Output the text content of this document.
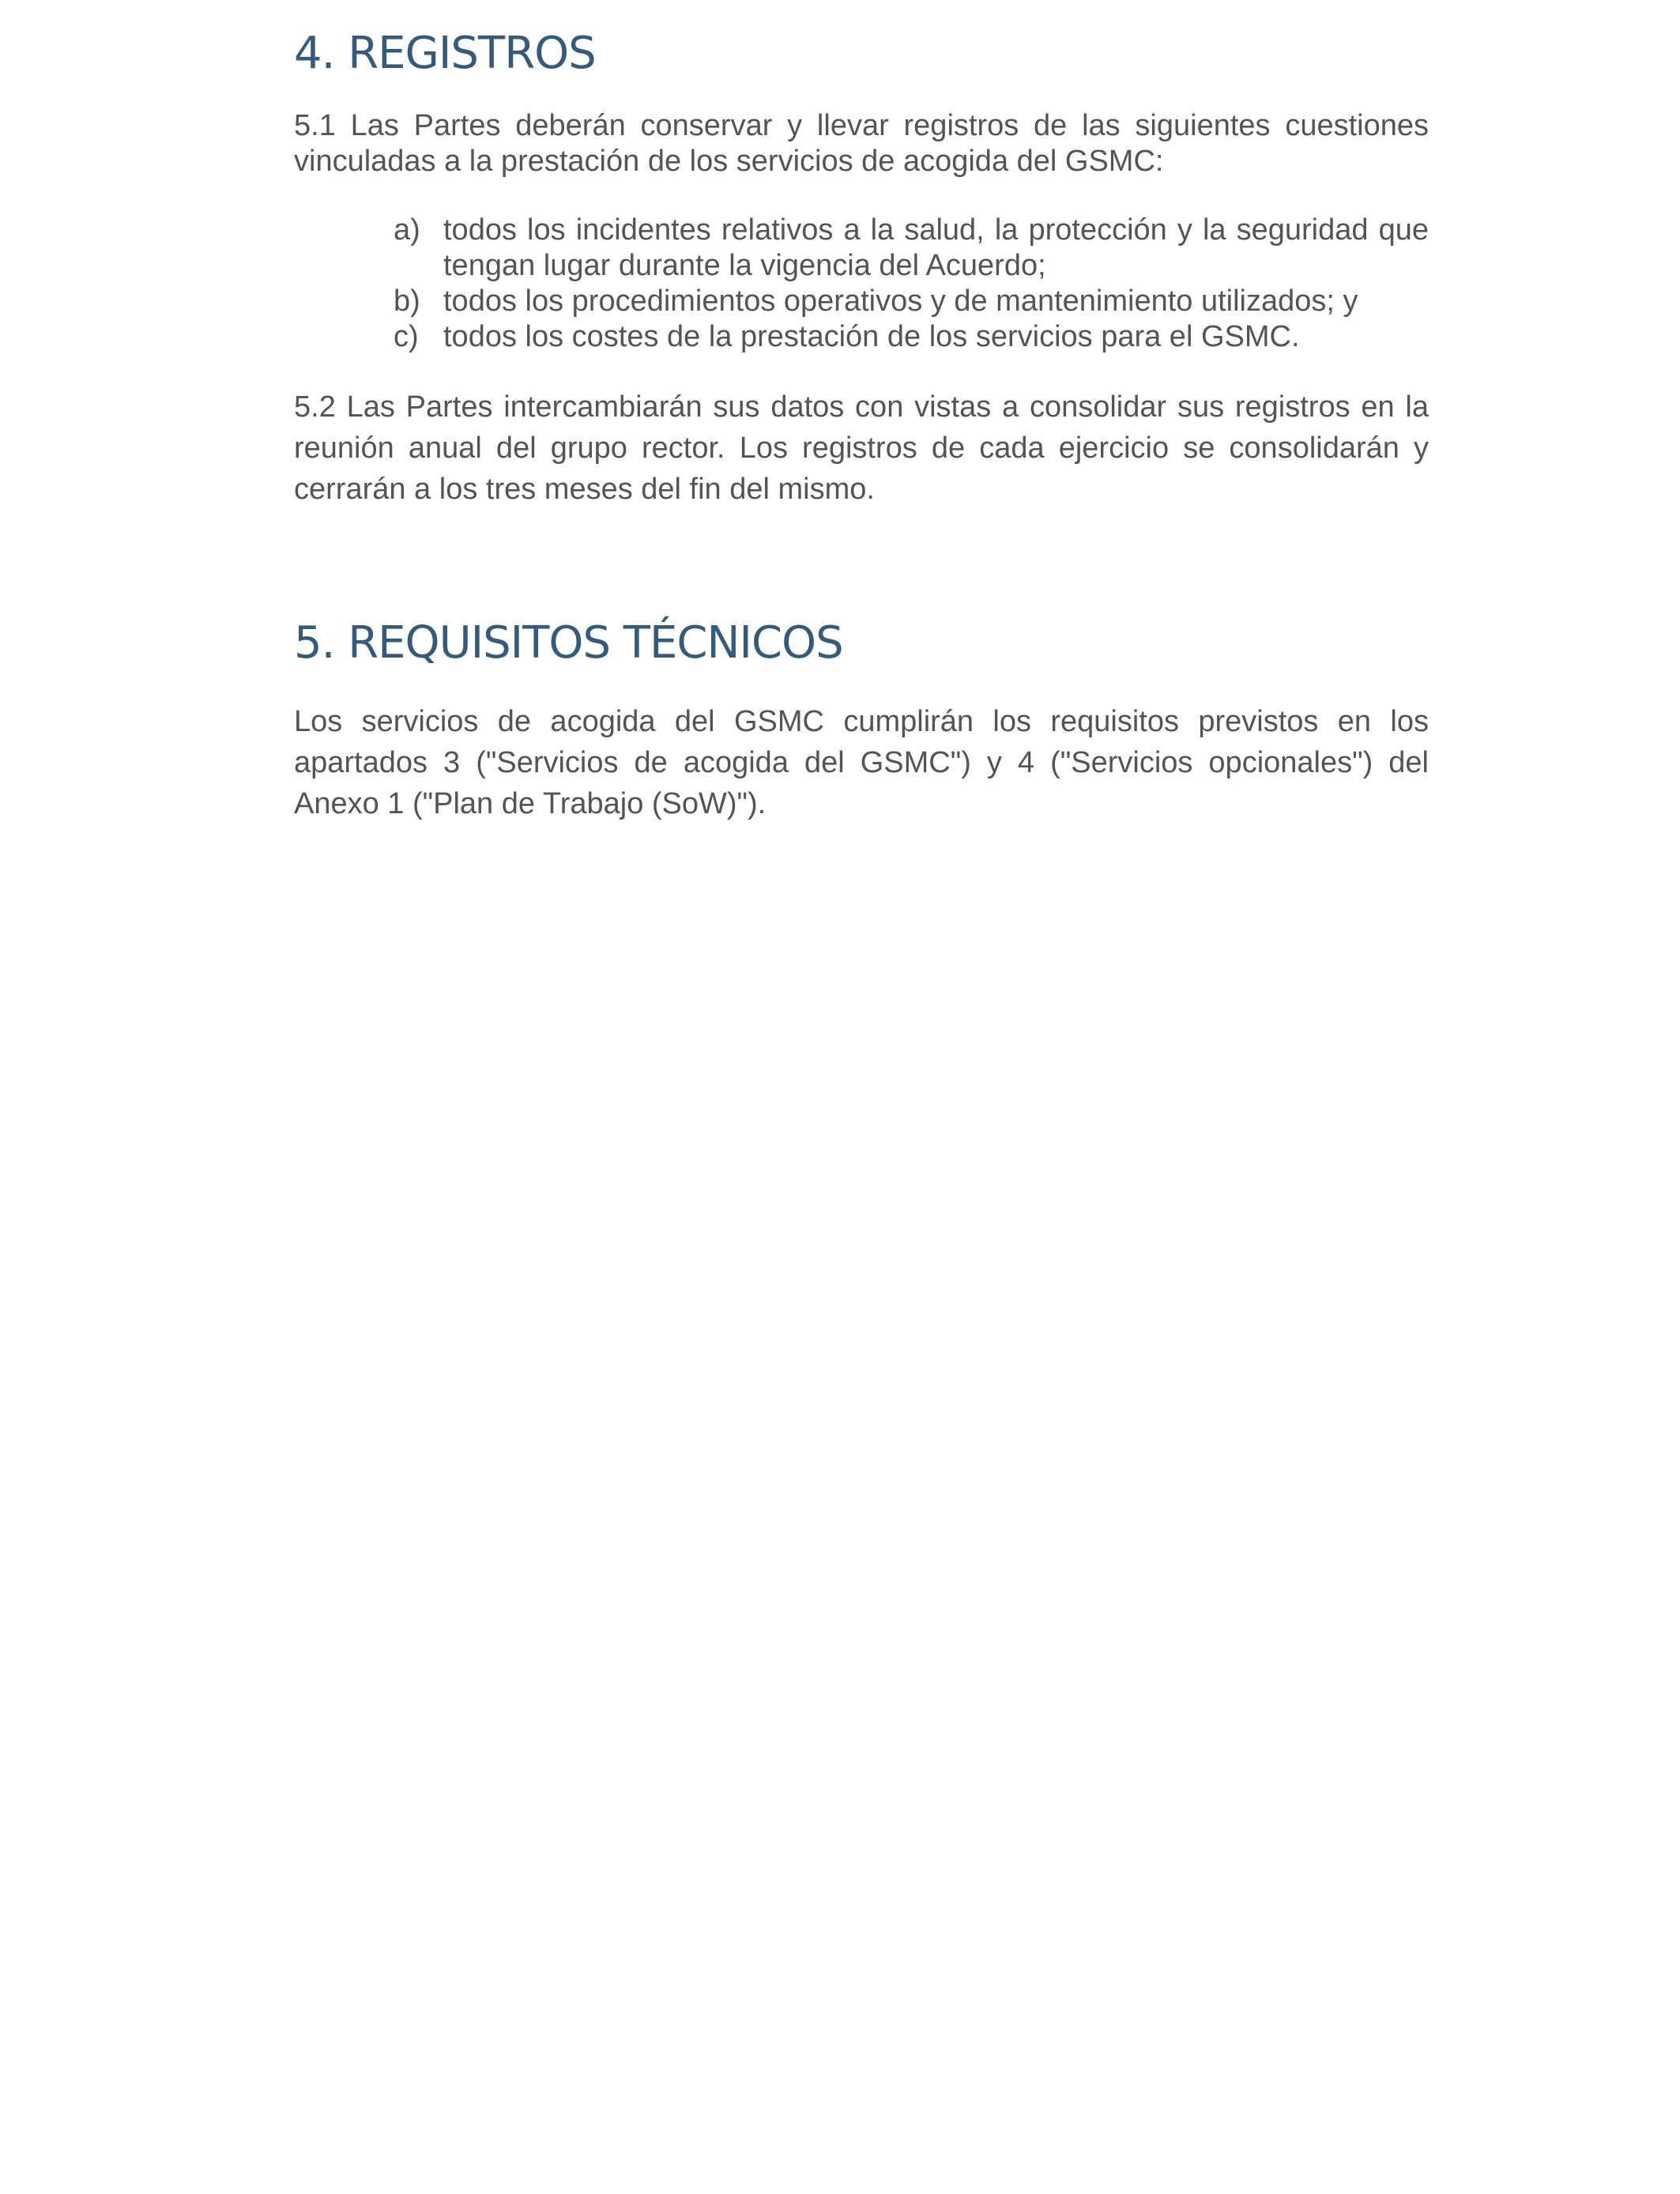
4. REGISTROS

5.1 Las Partes deberán conservar y llevar registros de las siguientes cuestiones vinculadas a la prestación de los servicios de acogida del GSMC:

a) todos los incidentes relativos a la salud, la protección y la seguridad que tengan lugar durante la vigencia del Acuerdo;
b) todos los procedimientos operativos y de mantenimiento utilizados; y
c) todos los costes de la prestación de los servicios para el GSMC.

5.2 Las Partes intercambiarán sus datos con vistas a consolidar sus registros en la reunión anual del grupo rector. Los registros de cada ejercicio se consolidarán y cerrarán a los tres meses del fin del mismo.

5. REQUISITOS TÉCNICOS

Los servicios de acogida del GSMC cumplirán los requisitos previstos en los apartados 3 ("Servicios de acogida del GSMC") y 4 ("Servicios opcionales") del Anexo 1 ("Plan de Trabajo (SoW)").
